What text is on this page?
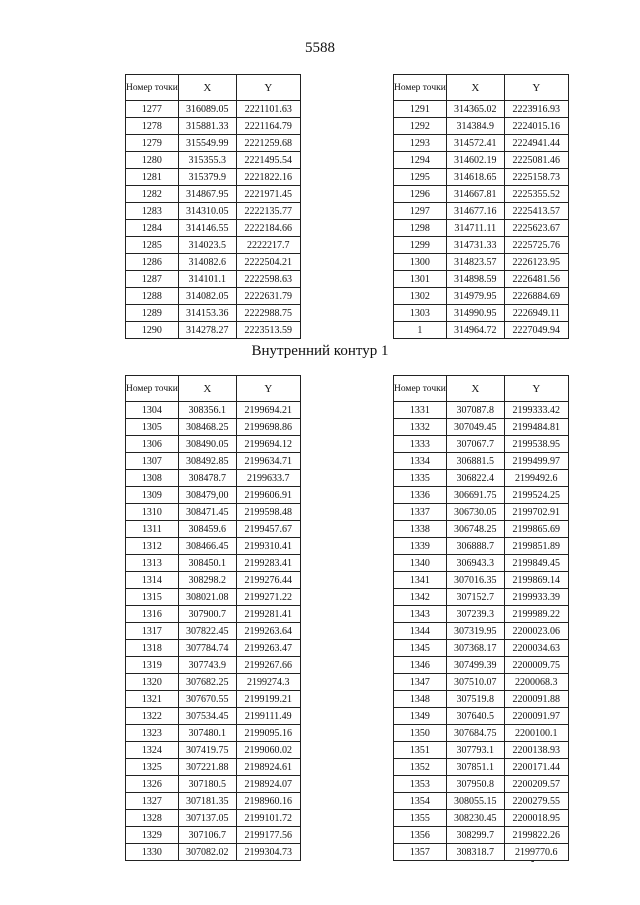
5588
Номер точки	X	Y
1277	316089.05	2221101.63
1278	315881.33	2221164.79
1279	315549.99	2221259.68
1280	315355.3	2221495.54
1281	315379.9	2221822.16
1282	314867.95	2221971.45
1283	314310.05	2222135.77
1284	314146.55	2222184.66
1285	314023.5	2222217.7
1286	314082.6	2222504.21
1287	314101.1	2222598.63
1288	314082.05	2222631.79
1289	314153.36	2222988.75
1290	314278.27	2223513.59
Номер точки	X	Y
1291	314365.02	2223916.93
1292	314384.9	2224015.16
1293	314572.41	2224941.44
1294	314602.19	2225081.46
1295	314618.65	2225158.73
1296	314667.81	2225355.52
1297	314677.16	2225413.57
1298	314711.11	2225623.67
1299	314731.33	2225725.76
1300	314823.57	2226123.95
1301	314898.59	2226481.56
1302	314979.95	2226884.69
1303	314990.95	2226949.11
1	314964.72	2227049.94
Внутренний контур 1
Номер точки	X	Y
1304	308356.1	2199694.21
1305	308468.25	2199698.86
1306	308490.05	2199694.12
1307	308492.85	2199634.71
1308	308478.7	2199633.7
1309	308479,00	2199606.91
1310	308471.45	2199598.48
1311	308459.6	2199457.67
1312	308466.45	2199310.41
1313	308450.1	2199283.41
1314	308298.2	2199276.44
1315	308021.08	2199271.22
1316	307900.7	2199281.41
1317	307822.45	2199263.64
1318	307784.74	2199263.47
1319	307743.9	2199267.66
1320	307682.25	2199274.3
1321	307670.55	2199199.21
1322	307534.45	2199111.49
1323	307480.1	2199095.16
1324	307419.75	2199060.02
1325	307221.88	2198924.61
1326	307180.5	2198924.07
1327	307181.35	2198960.16
1328	307137.05	2199101.72
1329	307106.7	2199177.56
1330	307082.02	2199304.73
Номер точки	X	Y
1331	307087.8	2199333.42
1332	307049.45	2199484.81
1333	307067.7	2199538.95
1334	306881.5	2199499.97
1335	306822.4	2199492.6
1336	306691.75	2199524.25
1337	306730.05	2199702.91
1338	306748.25	2199865.69
1339	306888.7	2199851.89
1340	306943.3	2199849.45
1341	307016.35	2199869.14
1342	307152.7	2199933.39
1343	307239.3	2199989.22
1344	307319.95	2200023.06
1345	307368.17	2200034.63
1346	307499.39	2200009.75
1347	307510.07	2200068.3
1348	307519.8	2200091.88
1349	307640.5	2200091.97
1350	307684.75	2200100.1
1351	307793.1	2200138.93
1352	307851.1	2200171.44
1353	307950.8	2200209.57
1354	308055.15	2200279.55
1355	308230.45	2200018.95
1356	308299.7	2199822.26
1357	308318.7	2199770.6
-
